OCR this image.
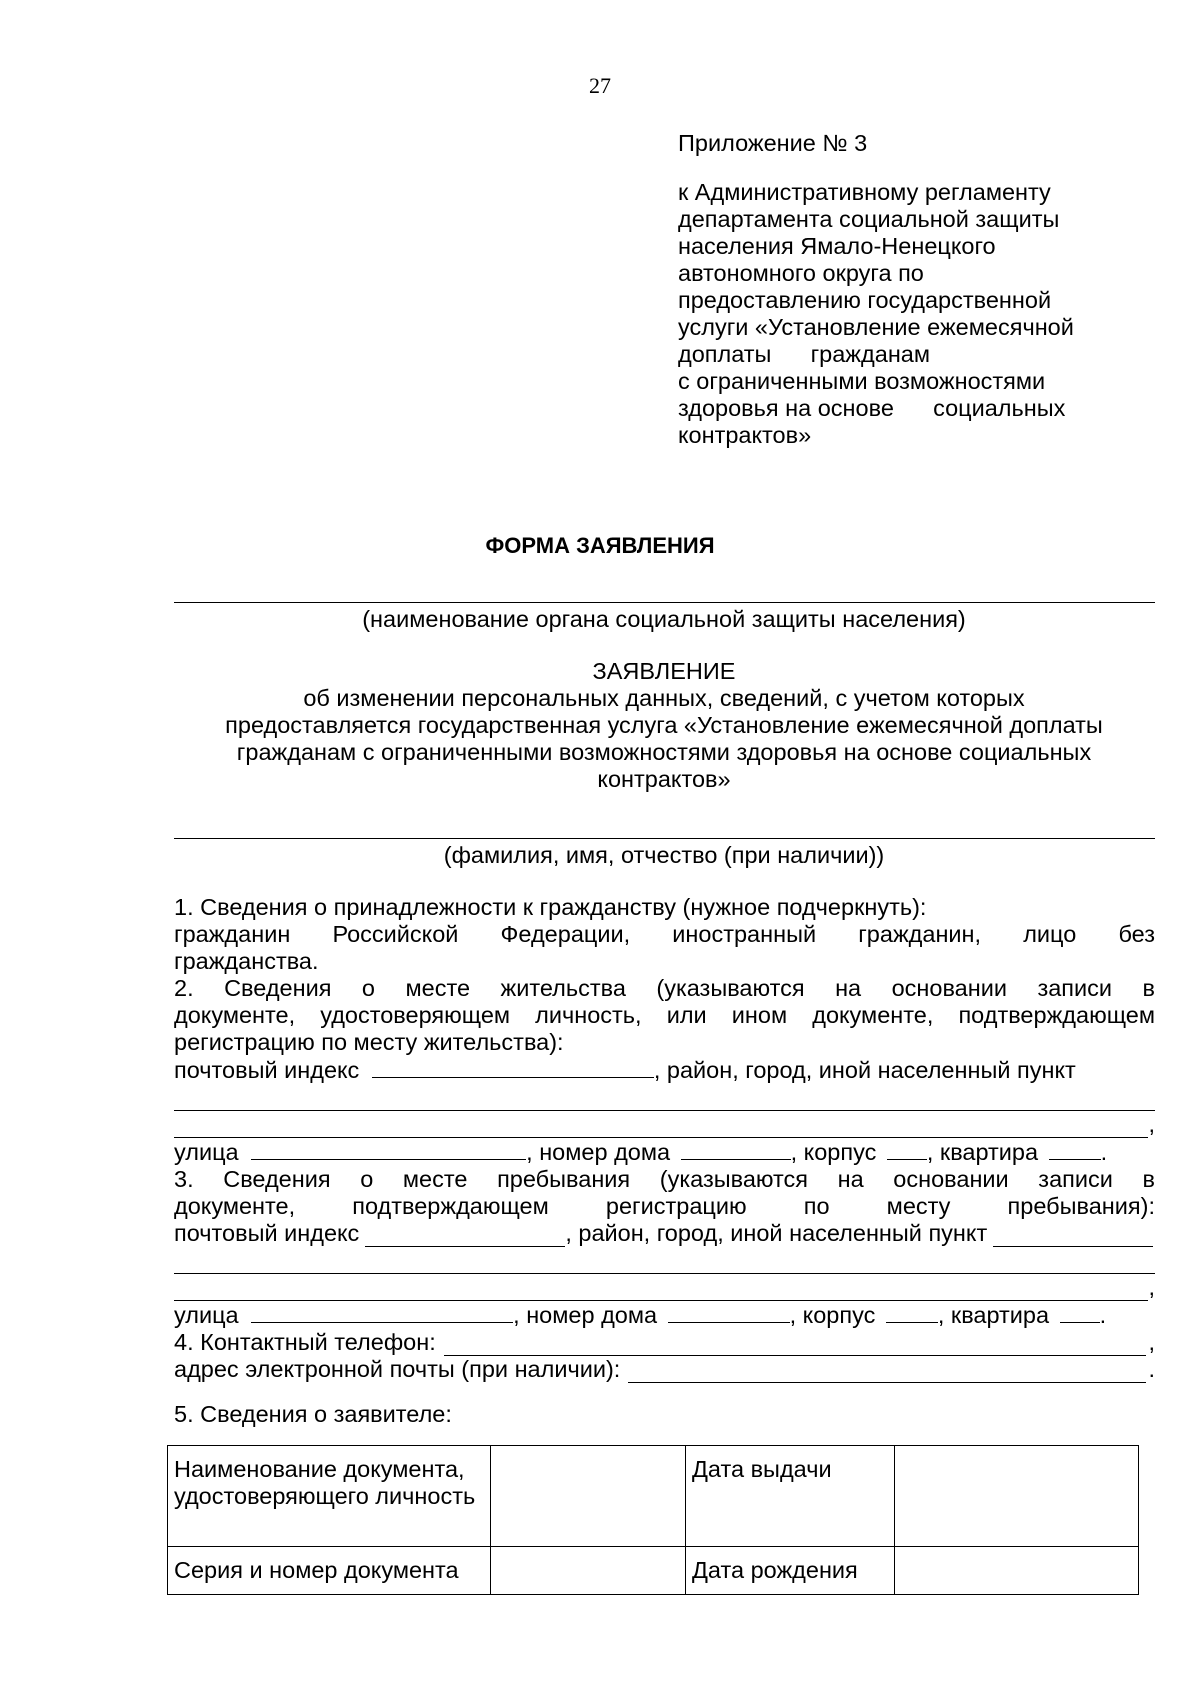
27
Приложение № 3
к Административному регламенту
департамента социальной защиты
населения Ямало-Ненецкого
автономного округа по
предоставлению государственной
услуги «Установление ежемесячной
доплаты      гражданам
с ограниченными возможностями
здоровья на основе      социальных
контрактов»
ФОРМА ЗАЯВЛЕНИЯ
(наименование органа социальной защиты населения)
ЗАЯВЛЕНИЕ
об изменении персональных данных, сведений, с учетом которых
предоставляется государственная услуга «Установление ежемесячной доплаты
гражданам с ограниченными возможностями здоровья на основе социальных
контрактов»
(фамилия, имя, отчество (при наличии))
1. Сведения о принадлежности к гражданству (нужное подчеркнуть):
гражданин Российской Федерации, иностранный гражданин, лицо без
гражданства.
2. Сведения о месте жительства (указываются на основании записи в
документе, удостоверяющем личность, или ином документе, подтверждающем
регистрацию по месту жительства):
почтовый индекс	, район, город, иной населенный пункт
,
улица	, номер дома	, корпус , квартира	.
3. Сведения о месте пребывания (указываются на основании записи в
документе, подтверждающем регистрацию по месту пребывания):
почтовый индекс	, район, город, иной населенный пункт
,
улица	, номер дома	, корпус	, квартира .
4. Контактный телефон:	,
адрес электронной почты (при наличии):	.
5. Сведения о заявителе:
Наименование документа, удостоверяющего личность		Дата выдачи	
Серия и номер документа		Дата рождения	
